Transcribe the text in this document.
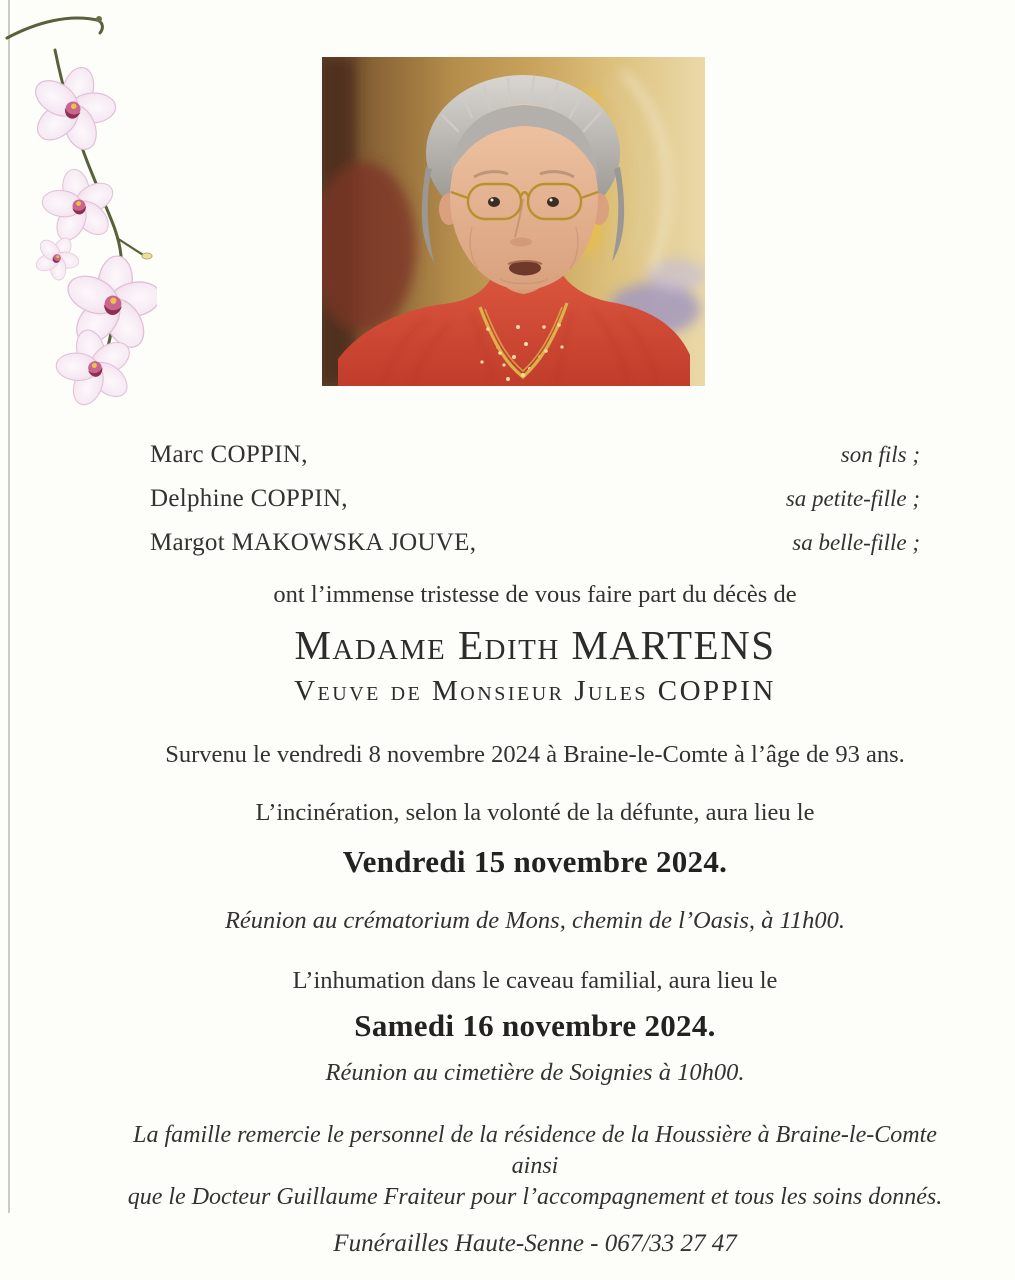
Marc COPPIN,	son fils ;
Delphine COPPIN,	sa petite-fille ;
Margot MAKOWSKA JOUVE,	sa belle-fille ;
ont l’immense tristesse de vous faire part du décès de
Madame Edith MARTENS
Veuve de Monsieur Jules COPPIN
Survenu le vendredi 8 novembre 2024 à Braine-le-Comte à l’âge de 93 ans.
L’incinération, selon la volonté de la défunte, aura lieu le
Vendredi 15 novembre 2024.
Réunion au crématorium de Mons, chemin de l’Oasis, à 11h00.
L’inhumation dans le caveau familial, aura lieu le
Samedi 16 novembre 2024.
Réunion au cimetière de Soignies à 10h00.
La famille remercie le personnel de la résidence de la Houssière à Braine-le-Comte ainsi
que le Docteur Guillaume Fraiteur pour l’accompagnement et tous les soins donnés.
Funérailles Haute-Senne - 067/33 27 47
